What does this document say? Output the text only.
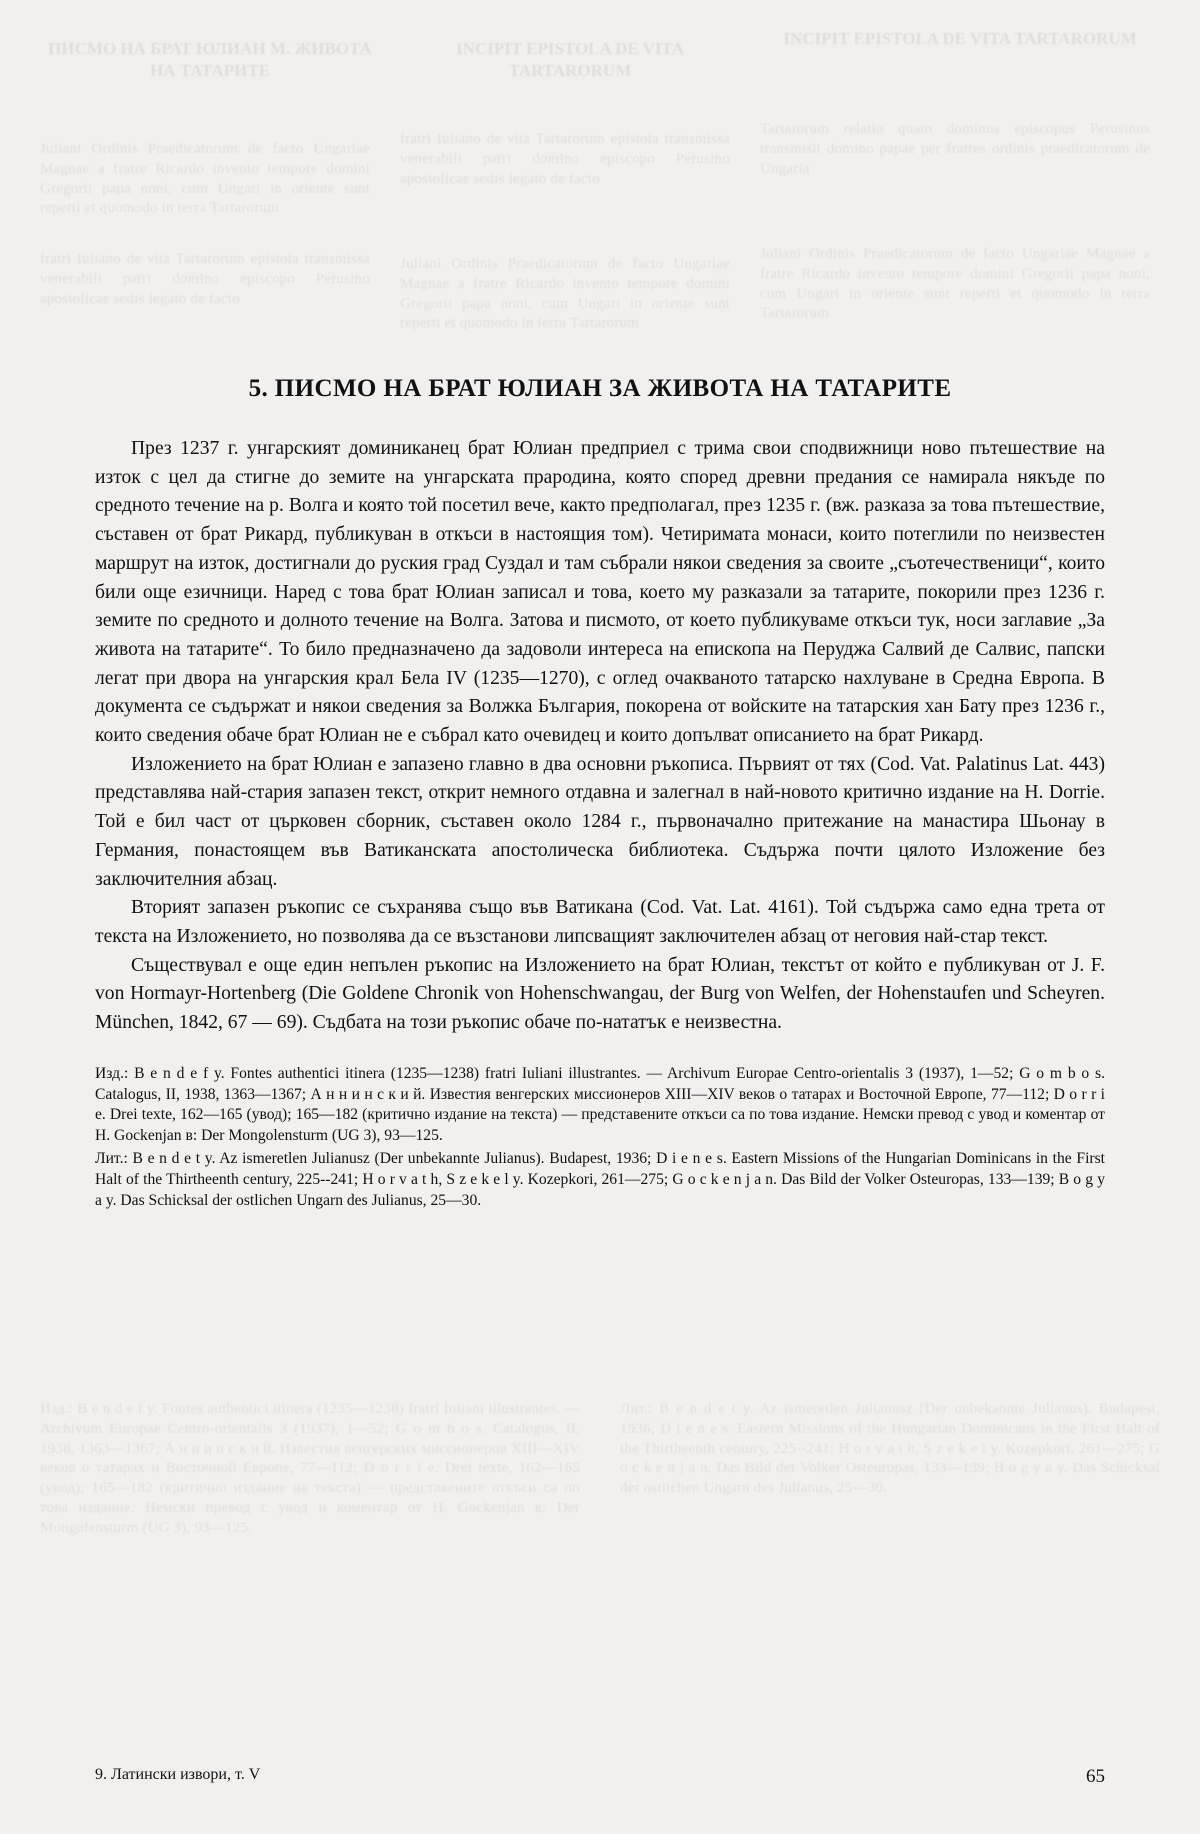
5. ПИСМО НА БРАТ ЮЛИАН ЗА ЖИВОТА НА ТАТАРИТЕ

През 1237 г. унгарският доминиканец брат Юлиан предприел с трима свои сподвижници ново пътешествие на изток с цел да стигне до земите на унгарската прародина, която според древни предания се намирала някъде по средното течение на р. Волга и която той посетил вече, както предполагал, през 1235 г. (вж. разказа за това пътешествие, съставен от брат Рикард, публикуван в откъси в настоящия том). Четиримата монаси, които потеглили по неизвестен маршрут на изток, достигнали до руския град Суздал и там събрали някои сведения за своите „съотечественици“, които били още езичници. Наред с това брат Юлиан записал и това, което му разказали за татарите, покорили през 1236 г. земите по средното и долното течение на Волга. Затова и писмото, от което публикуваме откъси тук, носи заглавие „За живота на татарите“. То било предназначено да задоволи интереса на епископа на Перуджа Салвий де Салвис, папски легат при двора на унгарския крал Бела IV (1235—1270), с оглед очакваното татарско нахлуване в Средна Европа. В документа се съдържат и някои сведения за Волжка България, покорена от войските на татарския хан Бату през 1236 г., които сведения обаче брат Юлиан не е събрал като очевидец и които допълват описанието на брат Рикард.

Изложението на брат Юлиан е запазено главно в два основни ръкописа. Първият от тях (Cod. Vat. Palatinus Lat. 443) представлява най-стария запазен текст, открит немного отдавна и залегнал в най-новото критично издание на H. Dorrie. Той е бил част от църковен сборник, съставен около 1284 г., първоначално притежание на манастира Шьонау в Германия, понастоящем във Ватиканската апостолическа библиотека. Съдържа почти цялото Изложение без заключителния абзац.

Вторият запазен ръкопис се съхранява също във Ватикана (Cod. Vat. Lat. 4161). Той съдържа само една трета от текста на Изложението, но позволява да се възстанови липсващият заключителен абзац от неговия най-стар текст.

Съществувал е още един непълен ръкопис на Изложението на брат Юлиан, текстът от който е публикуван от J. F. von Hormayr-Hortenberg (Die Goldene Chronik von Hohenschwangau, der Burg von Welfen, der Hohenstaufen und Scheyren. München, 1842, 67 — 69). Съдбата на този ръкопис обаче по-нататък е неизвестна.

Изд.: B e n d e f y. Fontes authentici itinera (1235—1238) fratri Iuliani illustrantes. — Archivum Europae Centro-orientalis 3 (1937), 1—52; G o m b o s. Catalogus, II, 1938, 1363—1367; А н н и н с к и й. Известия венгерских миссионеров XIII—XIV веков о татарах и Восточной Европе, 77—112; D o r r i e. Drei texte, 162—165 (увод); 165—182 (критично издание на текста) — представените откъси са по това издание. Немски превод с увод и коментар от H. Gockenjan в: Der Mongolensturm (UG 3), 93—125.

Лит.: B e n d e t y. Az ismeretlen Julianusz (Der unbekannte Julianus). Budapest, 1936; D i e n e s. Eastern Missions of the Hungarian Dominicans in the First Halt of the Thirtheenth century, 225--241; H o r v a t h, S z e k e l y. Kozepkori, 261—275; G o c k e n j a n. Das Bild der Volker Osteuropas, 133—139; B o g y a y. Das Schicksal der ostlichen Ungarn des Julianus, 25—30.

9. Латински извори, т. V	65
